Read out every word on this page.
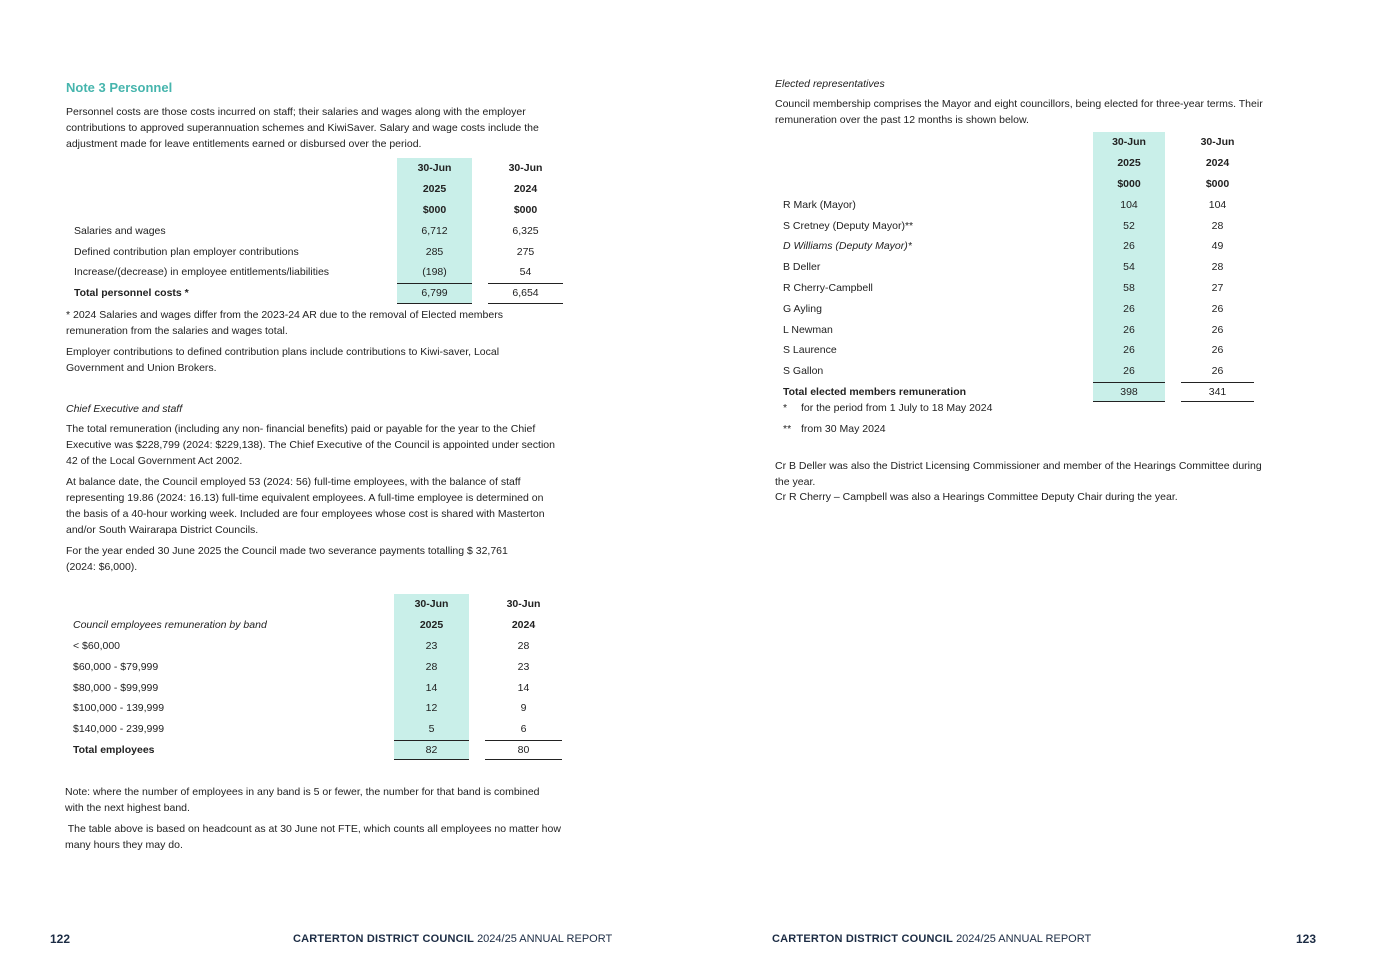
Note 3 Personnel
Personnel costs are those costs incurred on staff; their salaries and wages along with the employer
contributions to approved superannuation schemes and KiwiSaver. Salary and wage costs include the
adjustment made for leave entitlements earned or disbursed over the period.
	30-Jun		30-Jun
	2025		2024
	$000		$000
Salaries and wages	6,712		6,325
Defined contribution plan employer contributions	285		275
Increase/(decrease) in employee entitlements/liabilities	(198)		54
Total personnel costs *	6,799		6,654
* 2024 Salaries and wages differ from the 2023-24 AR due to the removal of Elected members
remuneration from the salaries and wages total.
Employer contributions to defined contribution plans include contributions to Kiwi-saver, Local
Government and Union Brokers.
Chief Executive and staff
The total remuneration (including any non- financial benefits) paid or payable for the year to the Chief
Executive was $228,799 (2024: $229,138). The Chief Executive of the Council is appointed under section
42 of the Local Government Act 2002.
At balance date, the Council employed 53 (2024: 56) full-time employees, with the balance of staff
representing 19.86 (2024: 16.13) full-time equivalent employees. A full-time employee is determined on
the basis of a 40-hour working week. Included are four employees whose cost is shared with Masterton
and/or South Wairarapa District Councils.
For the year ended 30 June 2025 the Council made two severance payments totalling $ 32,761
(2024: $6,000).
	30-Jun		30-Jun
Council employees remuneration by band	2025		2024
< $60,000	23		28
$60,000 - $79,999	28		23
$80,000 - $99,999	14		14
$100,000 - 139,999	12		9
$140,000 - 239,999	5		6
Total employees	82		80
Note: where the number of employees in any band is 5 or fewer, the number for that band is combined
with the next highest band.
The table above is based on headcount as at 30 June not FTE, which counts all employees no matter how
many hours they may do.
122	CARTERTON DISTRICT COUNCIL 2024/25 ANNUAL REPORT
Elected representatives
Council membership comprises the Mayor and eight councillors, being elected for three-year terms. Their
remuneration over the past 12 months is shown below.
	30-Jun		30-Jun
	2025		2024
	$000		$000
R Mark (Mayor)	104		104
S Cretney (Deputy Mayor)**	52		28
D Williams (Deputy Mayor)*	26		49
B Deller	54		28
R Cherry-Campbell	58		27
G Ayling	26		26
L Newman	26		26
S Laurence	26		26
S Gallon	26		26
Total elected members remuneration	398		341
* for the period from 1 July to 18 May 2024
** from 30 May 2024
Cr B Deller was also the District Licensing Commissioner and member of the Hearings Committee during
the year.
Cr R Cherry – Campbell was also a Hearings Committee Deputy Chair during the year.
CARTERTON DISTRICT COUNCIL 2024/25 ANNUAL REPORT	123
